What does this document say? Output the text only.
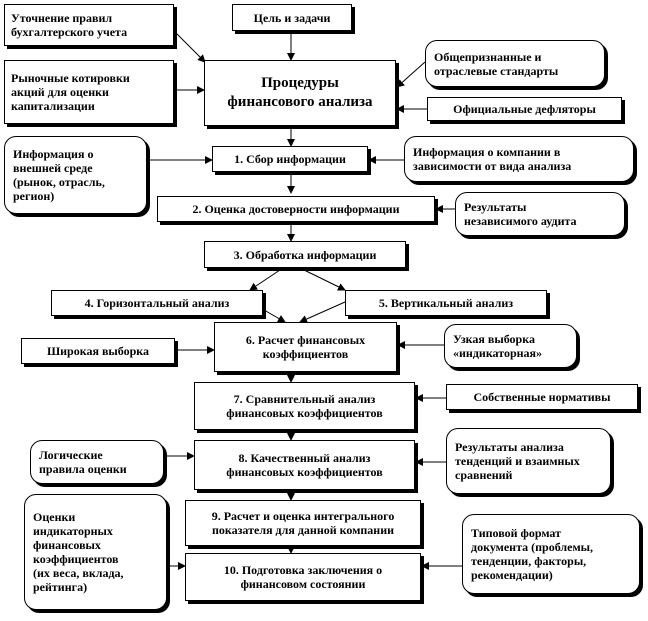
Цель и задачи
Уточнение правил
бухгалтерского учета
Рыночные котировки
акций для оценки
капитализации
Процедуры
финансового анализа
Общепризнанные и
отраслевые стандарты
Официальные дефляторы
Информация о
внешней среде
(рынок, отрасль,
регион)
1. Сбор информации	Информация о компании в
зависимости от вида анализа
2. Оценка достоверности информации	Результаты
независимого аудита
3. Обработка информации
4. Горизонтальный анализ	5. Вертикальный анализ
Широкая выборка
6. Расчет финансовых
коэффициентов
Узкая выборка
«индикаторная»
7. Сравнительный анализ
финансовых коэффициентов
Собственные нормативы
Логические
правила оценки
8. Качественный анализ
финансовых коэффициентов
Результаты анализа
тенденций и взаимных
сравнений
Оценки
индикаторных
финансовых
коэффициентов
(их веса, вклада,
рейтинга)
9. Расчет и оценка интегрального
показателя для данной компании	Типовой формат
документа (проблемы,
тенденции, факторы,
рекомендации)
10. Подготовка заключения о
финансовом состоянии
